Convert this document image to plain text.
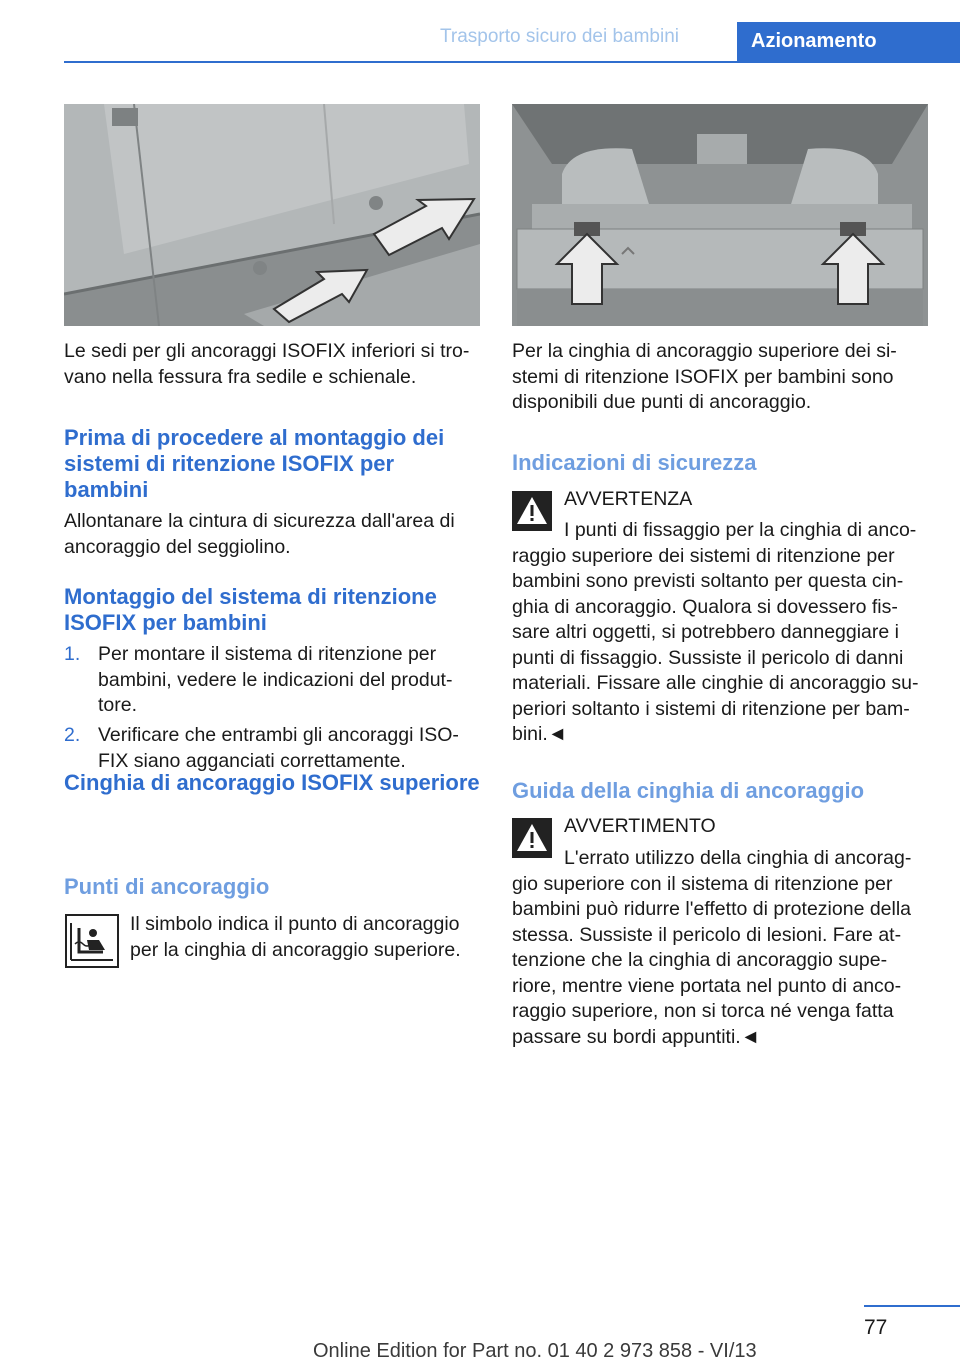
Trasporto sicuro dei bambini	Azionamento

Le sedi per gli ancoraggi ISOFIX inferiori si tro-vano nella fessura fra sedile e schienale.

Prima di procedere al montaggio dei sistemi di ritenzione ISOFIX per bambini

Allontanare la cintura di sicurezza dall'area di ancoraggio del seggiolino.

Montaggio del sistema di ritenzione ISOFIX per bambini
1. Per montare il sistema di ritenzione per bambini, vedere le indicazioni del produt-tore.

2. Verificare che entrambi gli ancoraggi ISO-FIX siano agganciati correttamente.

Cinghia di ancoraggio ISOFIX superiore
Punti di ancoraggio

Il simbolo indica il punto di ancoraggio per la cinghia di ancoraggio superiore.

Per la cinghia di ancoraggio superiore dei si-stemi di ritenzione ISOFIX per bambini sono disponibili due punti di ancoraggio.

Indicazioni di sicurezza

AVVERTENZA

I punti di fissaggio per la cinghia di anco-raggio superiore dei sistemi di ritenzione per bambini sono previsti soltanto per questa cin-ghia di ancoraggio. Qualora si dovessero fis-sare altri oggetti, si potrebbero danneggiare i punti di fissaggio. Sussiste il pericolo di danni materiali. Fissare alle cinghie di ancoraggio su-periori soltanto i sistemi di ritenzione per bam-bini.◄

Guida della cinghia di ancoraggio

AVVERTIMENTO

L'errato utilizzo della cinghia di ancorag-gio superiore con il sistema di ritenzione per bambini può ridurre l'effetto di protezione della stessa. Sussiste il pericolo di lesioni. Fare at-tenzione che la cinghia di ancoraggio supe-riore, mentre viene portata nel punto di anco-raggio superiore, non si torca né venga fatta passare su bordi appuntiti.◄

77
Online Edition for Part no. 01 40 2 973 858 - VI/13
